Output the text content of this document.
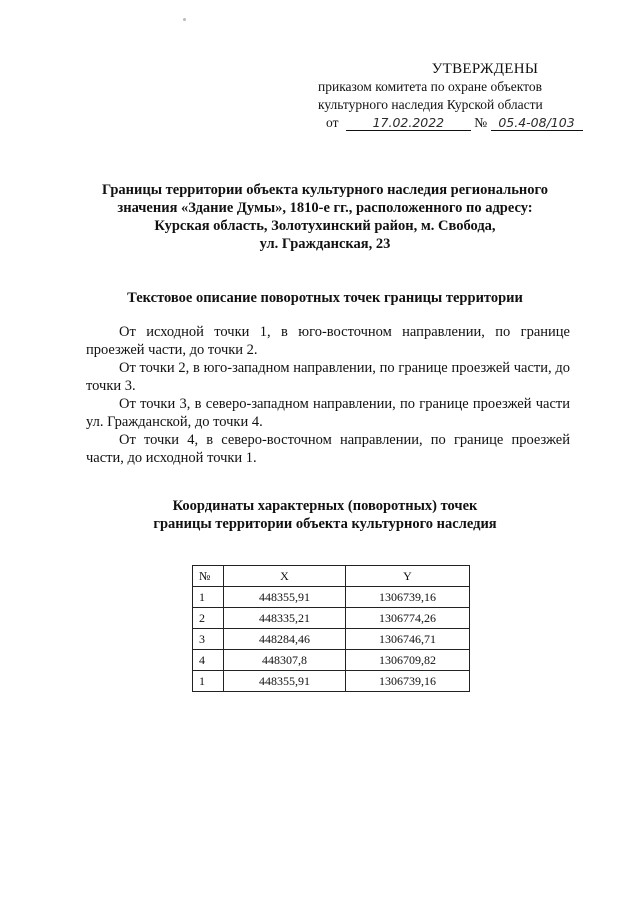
УТВЕРЖДЕНЫ
приказом комитета по охране объектов
культурного наследия Курской области
от	17.02.2022 № 05.4-08/103
Границы территории объекта культурного наследия регионального
значения «Здание Думы», 1810-е гг., расположенного по адресу:
Курская область, Золотухинский район, м. Свобода,
ул. Гражданская, 23
Текстовое описание поворотных точек границы территории

От исходной точки 1, в юго-восточном направлении, по границе проезжей части, до точки 2.

От точки 2, в юго-западном направлении, по границе проезжей части, до точки 3.

От точки 3, в северо-западном направлении, по границе проезжей части ул. Гражданской, до точки 4.

От точки 4, в северо-восточном направлении, по границе проезжей части, до исходной точки 1.

Координаты характерных (поворотных) точек
границы территории объекта культурного наследия
№	X	Y
1	448355,91	1306739,16
2	448335,21	1306774,26
3	448284,46	1306746,71
4	448307,8	1306709,82
1	448355,91	1306739,16
